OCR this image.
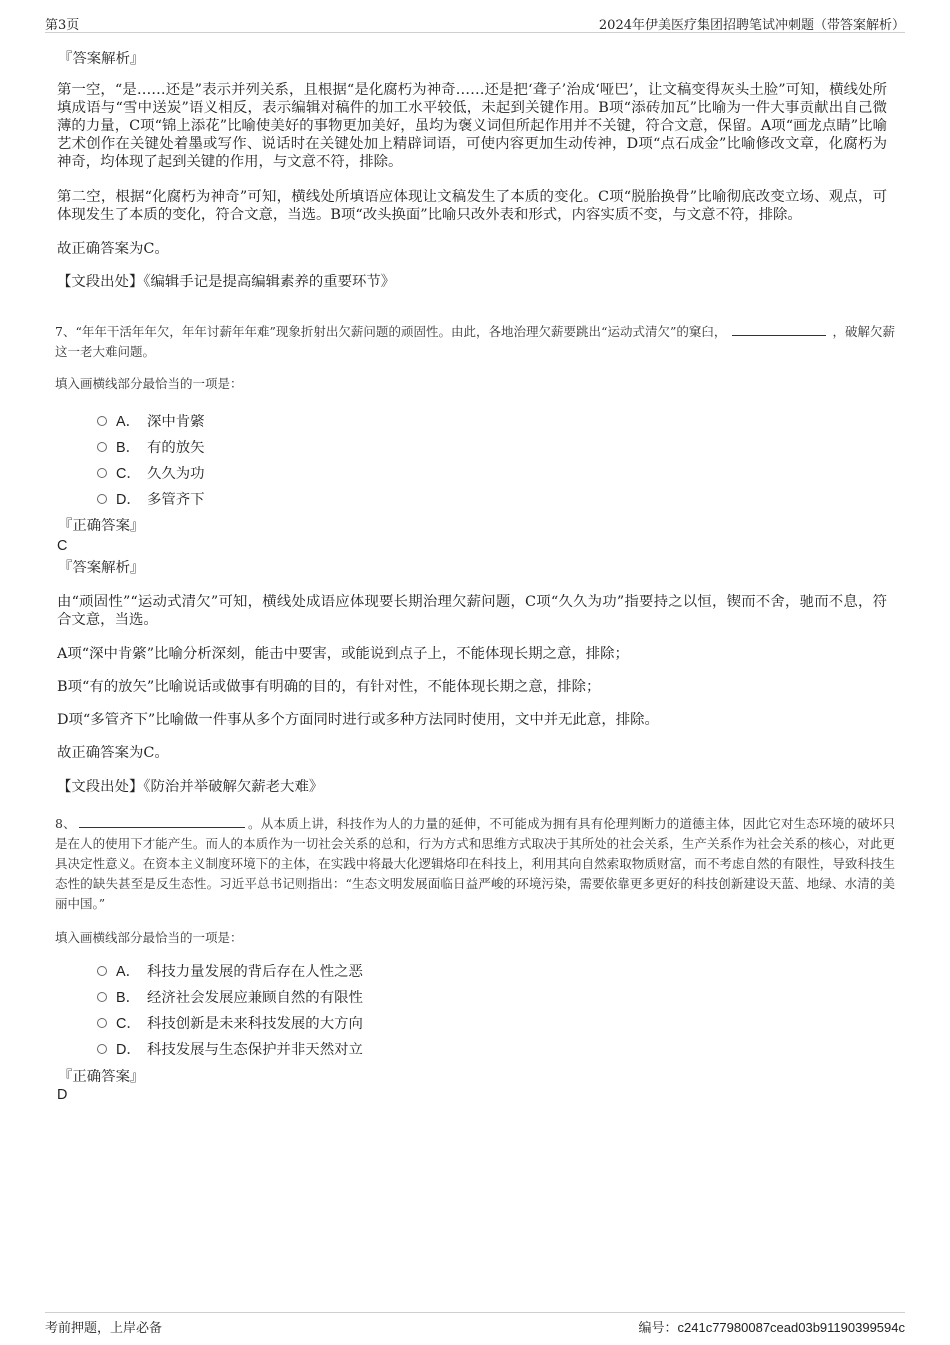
第3页	2024年伊美医疗集团招聘笔试冲刺题（带答案解析）
『答案解析』
第一空，“是……还是”表示并列关系，且根据“是化腐朽为神奇……还是把‘聋子’治成‘哑巴’，让文稿变得灰头土脸”可知，横线处所填成语与“雪中送炭”语义相反，表示编辑对稿件的加工水平较低，未起到关键作用。B项“添砖加瓦”比喻为一件大事贡献出自己微薄的力量，C项“锦上添花”比喻使美好的事物更加美好，虽均为褒义词但所起作用并不关键，符合文意，保留。A项“画龙点睛”比喻艺术创作在关键处着墨或写作、说话时在关键处加上精辟词语，可使内容更加生动传神，D项“点石成金”比喻修改文章，化腐朽为神奇，均体现了起到关键的作用，与文意不符，排除。
第二空，根据“化腐朽为神奇”可知，横线处所填语应体现让文稿发生了本质的变化。C项“脱胎换骨”比喻彻底改变立场、观点，可体现发生了本质的变化，符合文意，当选。B项“改头换面”比喻只改外表和形式，内容实质不变，与文意不符，排除。
故正确答案为C。
【文段出处】《编辑手记是提高编辑素养的重要环节》
7、“年年干活年年欠，年年讨薪年年难”现象折射出欠薪问题的顽固性。由此，各地治理欠薪要跳出“运动式清欠”的窠臼，	，破解欠薪这一老大难问题。
填入画横线部分最恰当的一项是：
A． 深中肯綮
B． 有的放矢
C． 久久为功
D． 多管齐下
『正确答案』
C
『答案解析』
由“顽固性”“运动式清欠”可知，横线处成语应体现要长期治理欠薪问题，C项“久久为功”指要持之以恒，锲而不舍，驰而不息，符合文意，当选。
A项“深中肯綮”比喻分析深刻，能击中要害，或能说到点子上，不能体现长期之意，排除；
B项“有的放矢”比喻说话或做事有明确的目的，有针对性，不能体现长期之意，排除；
D项“多管齐下”比喻做一件事从多个方面同时进行或多种方法同时使用，文中并无此意，排除。
故正确答案为C。
【文段出处】《防治并举破解欠薪老大难》
8、	。从本质上讲，科技作为人的力量的延伸，不可能成为拥有具有伦理判断力的道德主体，因此它对生态环境的破坏只是在人的使用下才能产生。而人的本质作为一切社会关系的总和，行为方式和思维方式取决于其所处的社会关系，生产关系作为社会关系的核心，对此更具决定性意义。在资本主义制度环境下的主体，在实践中将最大化逻辑烙印在科技上，利用其向自然索取物质财富，而不考虑自然的有限性，导致科技生态性的缺失甚至是反生态性。习近平总书记则指出：“生态文明发展面临日益严峻的环境污染，需要依靠更多更好的科技创新建设天蓝、地绿、水清的美丽中国。”
填入画横线部分最恰当的一项是：
A． 科技力量发展的背后存在人性之恶
B． 经济社会发展应兼顾自然的有限性
C． 科技创新是未来科技发展的大方向
D． 科技发展与生态保护并非天然对立
『正确答案』
D
考前押题，上岸必备	编号：c241c77980087cead03b91190399594c
